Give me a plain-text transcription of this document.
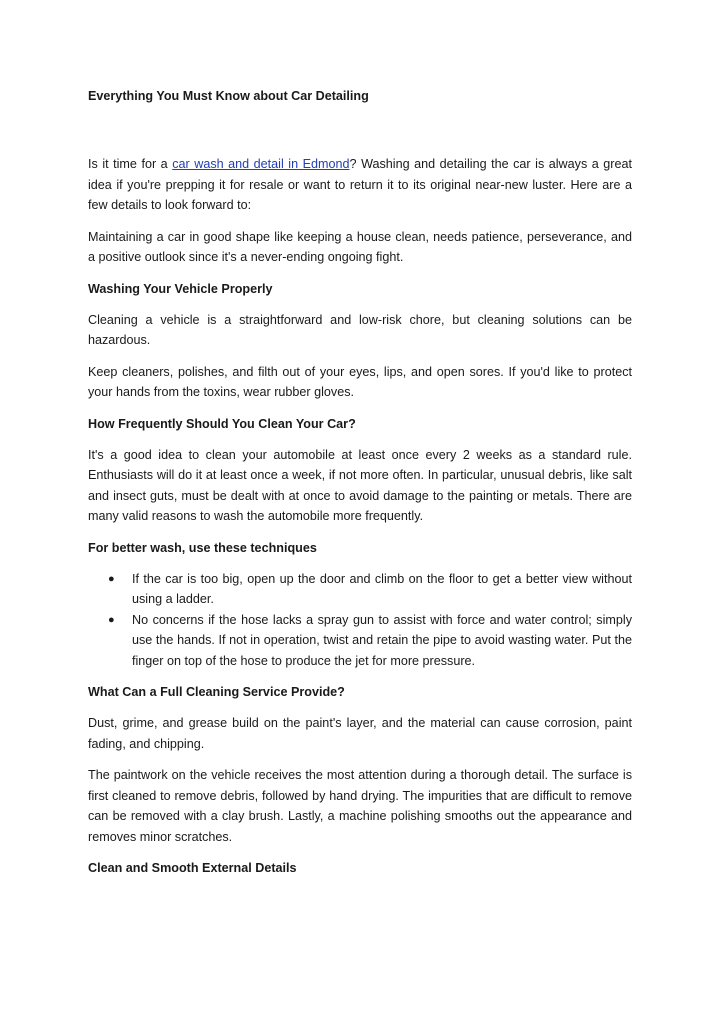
Everything You Must Know about Car Detailing

Is it time for a car wash and detail in Edmond? Washing and detailing the car is always a great idea if you're prepping it for resale or want to return it to its original near-new luster. Here are a few details to look forward to:

Maintaining a car in good shape like keeping a house clean, needs patience, perseverance, and a positive outlook since it's a never-ending ongoing fight.

Washing Your Vehicle Properly

Cleaning a vehicle is a straightforward and low-risk chore, but cleaning solutions can be hazardous.

Keep cleaners, polishes, and filth out of your eyes, lips, and open sores. If you'd like to protect your hands from the toxins, wear rubber gloves.

How Frequently Should You Clean Your Car?

It's a good idea to clean your automobile at least once every 2 weeks as a standard rule. Enthusiasts will do it at least once a week, if not more often. In particular, unusual debris, like salt and insect guts, must be dealt with at once to avoid damage to the painting or metals. There are many valid reasons to wash the automobile more frequently.

For better wash, use these techniques
● If the car is too big, open up the door and climb on the floor to get a better view without using a ladder.
● No concerns if the hose lacks a spray gun to assist with force and water control; simply use the hands. If not in operation, twist and retain the pipe to avoid wasting water. Put the finger on top of the hose to produce the jet for more pressure.
What Can a Full Cleaning Service Provide?

Dust, grime, and grease build on the paint's layer, and the material can cause corrosion, paint fading, and chipping.

The paintwork on the vehicle receives the most attention during a thorough detail. The surface is first cleaned to remove debris, followed by hand drying. The impurities that are difficult to remove can be removed with a clay brush. Lastly, a machine polishing smooths out the appearance and removes minor scratches.

Clean and Smooth External Details
